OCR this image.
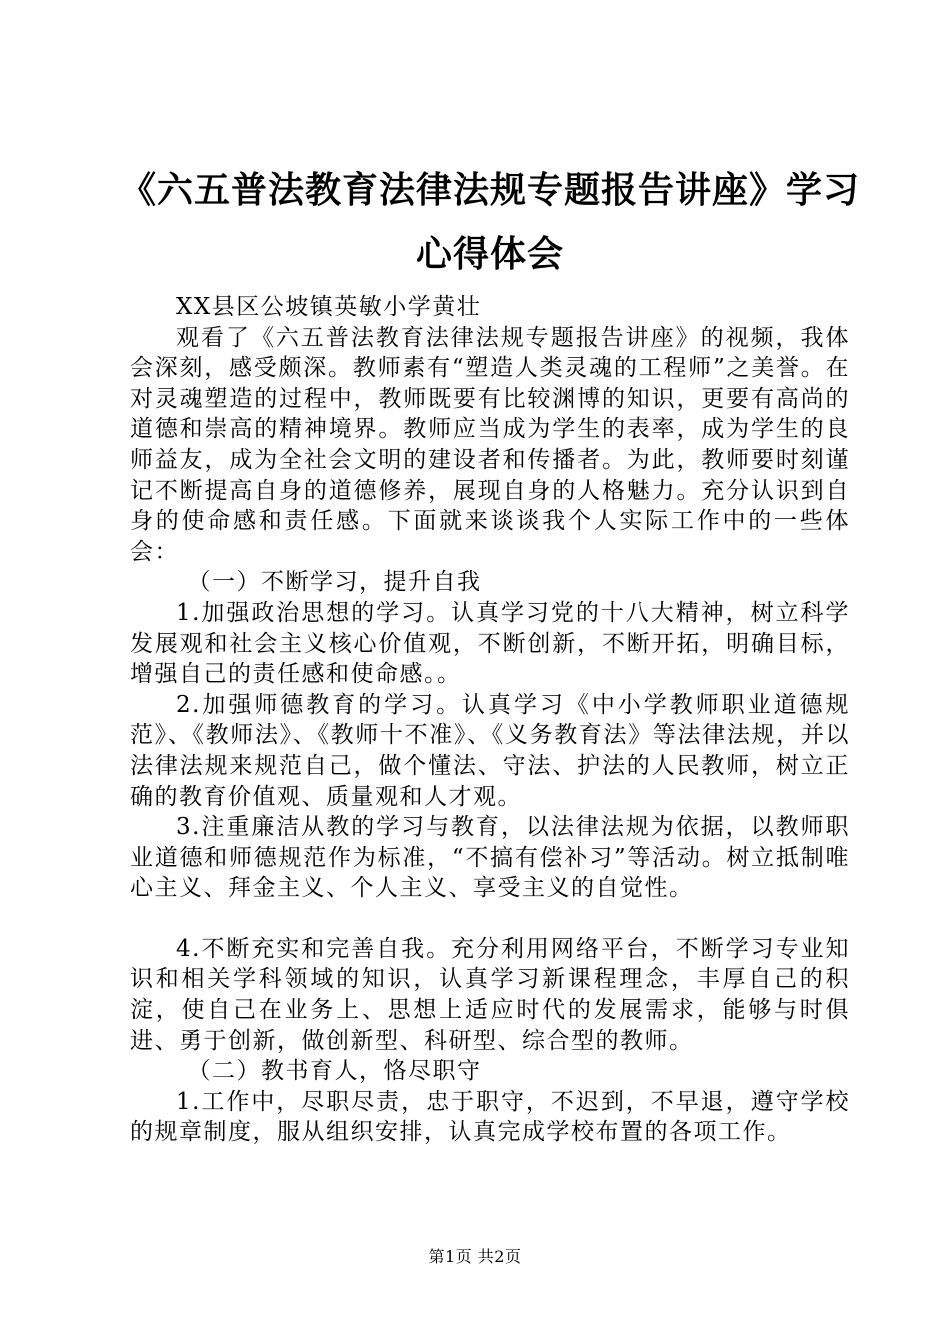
《六五普法教育法律法规专题报告讲座》学习
心得体会

XX县区公坡镇英敏小学黄壮

观看了《六五普法教育法律法规专题报告讲座》的视频，我体会深刻，感受颇深。教师素有“塑造人类灵魂的工程师”之美誉。在对灵魂塑造的过程中，教师既要有比较渊博的知识，更要有高尚的道德和崇高的精神境界。教师应当成为学生的表率，成为学生的良师益友，成为全社会文明的建设者和传播者。为此，教师要时刻谨记不断提高自身的道德修养，展现自身的人格魅力。充分认识到自身的使命感和责任感。下面就来谈谈我个人实际工作中的一些体会：

（一）不断学习，提升自我

1.加强政治思想的学习。认真学习党的十八大精神，树立科学发展观和社会主义核心价值观，不断创新，不断开拓，明确目标，增强自己的责任感和使命感。。

2.加强师德教育的学习。认真学习《中小学教师职业道德规范》、《教师法》、《教师十不准》、《义务教育法》等法律法规，并以法律法规来规范自己，做个懂法、守法、护法的人民教师，树立正确的教育价值观、质量观和人才观。

3.注重廉洁从教的学习与教育，以法律法规为依据，以教师职业道德和师德规范作为标准，“不搞有偿补习”等活动。树立抵制唯心主义、拜金主义、个人主义、享受主义的自觉性。

4.不断充实和完善自我。充分利用网络平台，不断学习专业知识和相关学科领域的知识，认真学习新课程理念，丰厚自己的积淀，使自己在业务上、思想上适应时代的发展需求，能够与时俱进、勇于创新，做创新型、科研型、综合型的教师。

（二）教书育人，恪尽职守

1.工作中，尽职尽责，忠于职守，不迟到，不早退，遵守学校的规章制度，服从组织安排，认真完成学校布置的各项工作。

第1页 共2页
